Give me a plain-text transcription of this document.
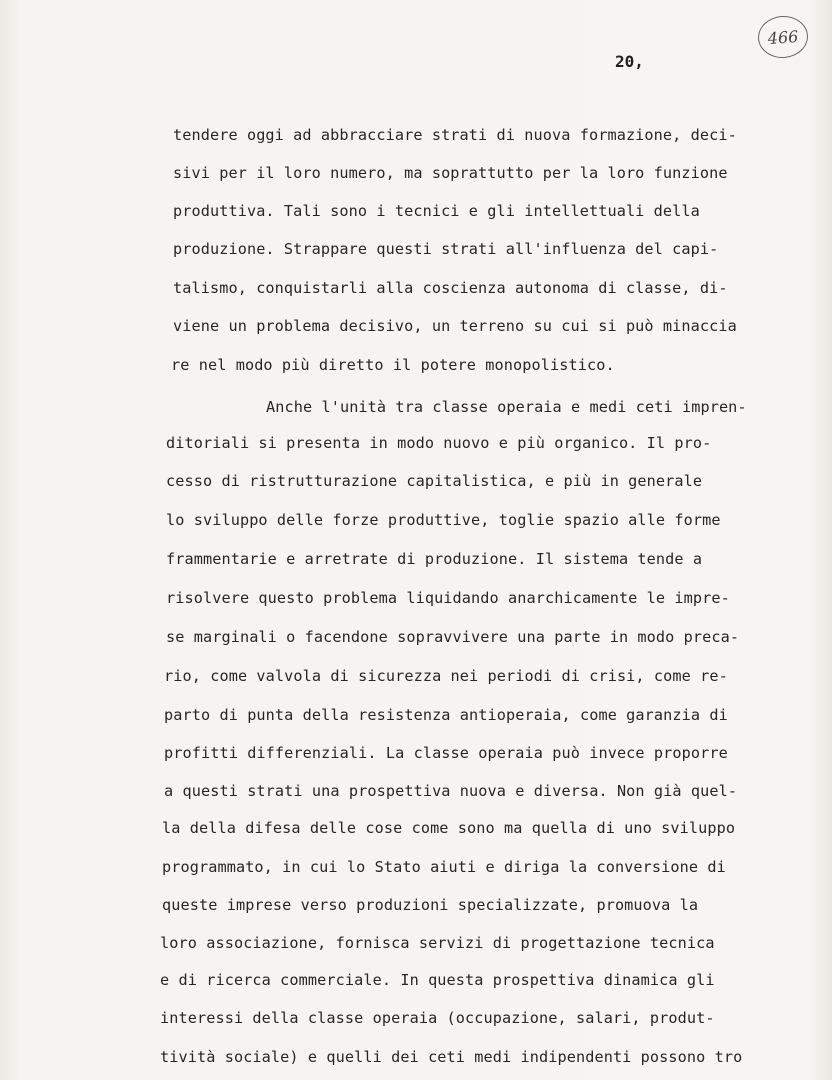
466
20,
tendere oggi ad abbracciare strati di nuova formazione, deci-
sivi per il loro numero, ma soprattutto per la loro funzione
produttiva. Tali sono i tecnici e gli intellettuali della
produzione. Strappare questi strati all'influenza del capi-
talismo, conquistarli alla coscienza autonoma di classe, di-
viene un problema decisivo, un terreno su cui si può minaccia
re nel modo più diretto il potere monopolistico.
Anche l'unità tra classe operaia e medi ceti impren-
ditoriali si presenta in modo nuovo e più organico. Il pro-
cesso di ristrutturazione capitalistica, e più in generale
lo sviluppo delle forze produttive, toglie spazio alle forme
frammentarie e arretrate di produzione. Il sistema tende a
risolvere questo problema liquidando anarchicamente le impre-
se marginali o facendone sopravvivere una parte in modo preca-
rio, come valvola di sicurezza nei periodi di crisi, come re-
parto di punta della resistenza antioperaia, come garanzia di
profitti differenziali. La classe operaia può invece proporre
a questi strati una prospettiva nuova e diversa. Non già quel-
la della difesa delle cose come sono ma quella di uno sviluppo
programmato, in cui lo Stato aiuti e diriga la conversione di
queste imprese verso produzioni specializzate, promuova la
loro associazione, fornisca servizi di progettazione tecnica
e di ricerca commerciale. In questa prospettiva dinamica gli
interessi della classe operaia (occupazione, salari, produt-
tività sociale) e quelli dei ceti medi indipendenti possono tro
